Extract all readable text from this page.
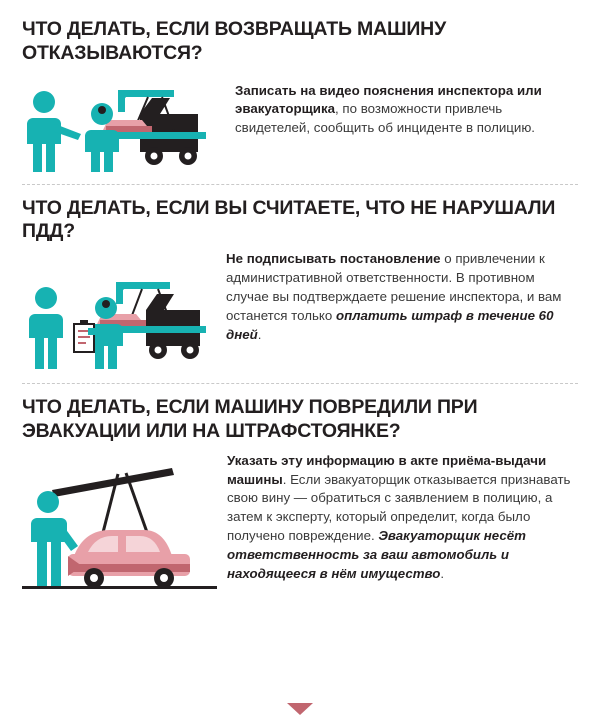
ЧТО ДЕЛАТЬ, ЕСЛИ ВОЗВРАЩАТЬ МАШИНУ ОТКАЗЫВАЮТСЯ?
Записать на видео пояснения инспектора или эвакуаторщика, по возможности привлечь свидетелей, сообщить об инциденте в полицию.
ЧТО ДЕЛАТЬ, ЕСЛИ ВЫ СЧИТАЕТЕ, ЧТО НЕ НАРУШАЛИ ПДД?
Не подписывать постановление о привлечении к административной ответственности. В противном случае вы подтверждаете решение инспектора, и вам останется только оплатить штраф в течение 60 дней.
ЧТО ДЕЛАТЬ, ЕСЛИ МАШИНУ ПОВРЕДИЛИ ПРИ ЭВАКУАЦИИ ИЛИ НА ШТРАФСТОЯНКЕ?
Указать эту информацию в акте приёма-выдачи машины. Если эвакуаторщик отказывается признавать свою вину — обратиться с заявлением в полицию, а затем к эксперту, который определит, когда было получено повреждение. Эвакуаторщик несёт ответственность за ваш автомобиль и находящееся в нём имущество.
